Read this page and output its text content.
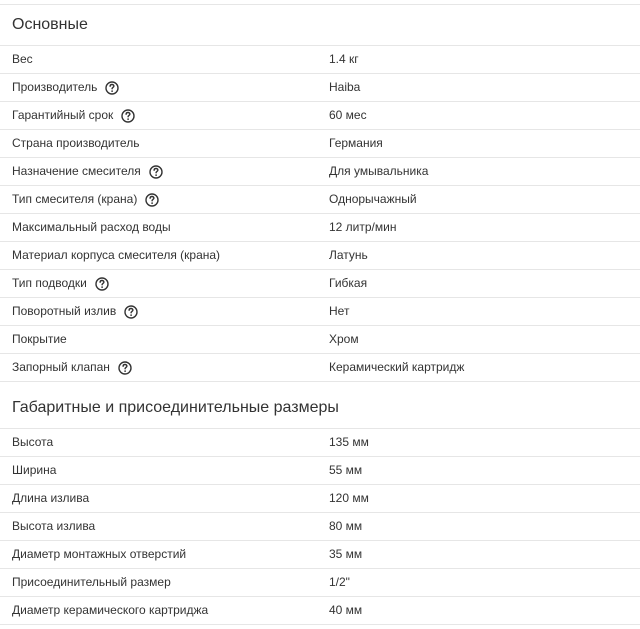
Основные
Вес	1.4 кг
Производитель	Haiba
Гарантийный срок	60 мес
Страна производитель	Германия
Назначение смесителя	Для умывальника
Тип смесителя (крана)	Однорычажный
Максимальный расход воды	12 литр/мин
Материал корпуса смесителя (крана)	Латунь
Тип подводки	Гибкая
Поворотный излив	Нет
Покрытие	Хром
Запорный клапан	Керамический картридж
Габаритные и присоединительные размеры
Высота	135 мм
Ширина	55 мм
Длина излива	120 мм
Высота излива	80 мм
Диаметр монтажных отверстий	35 мм
Присоединительный размер	1/2"
Диаметр керамического картриджа	40 мм
